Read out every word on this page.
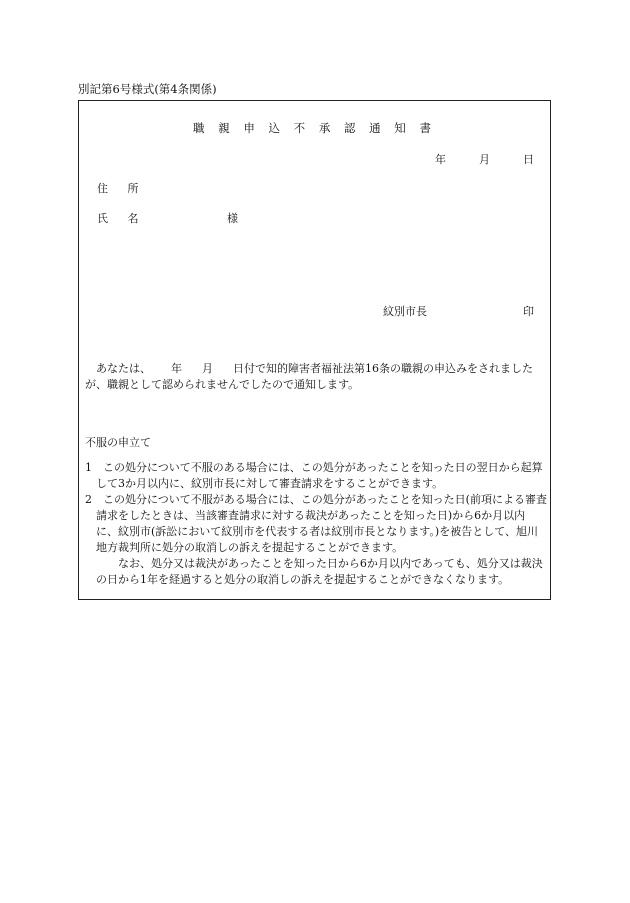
別記第6号様式(第4条関係)
職 親 申 込 不 承 認 通 知 書
年	月	日
住 所
氏 名	様
紋別市長	印

あなたは、 年 月 日付で知的障害者福祉法第16条の職親の申込みをされましたが、職親として認められませんでしたので通知します。

不服の申立て

1　この処分について不服のある場合には、この処分があったことを知った日の翌日から起算して3か月以内に、紋別市長に対して審査請求をすることができます。

2　この処分について不服がある場合には、この処分があったことを知った日(前項による審査請求をしたときは、当該審査請求に対する裁決があったことを知った日)から6か月以内に、紋別市(訴訟において紋別市を代表する者は紋別市長となります。)を被告として、旭川地方裁判所に処分の取消しの訴えを提起することができます。

なお、処分又は裁決があったことを知った日から6か月以内であっても、処分又は裁決の日から1年を経過すると処分の取消しの訴えを提起することができなくなります。
